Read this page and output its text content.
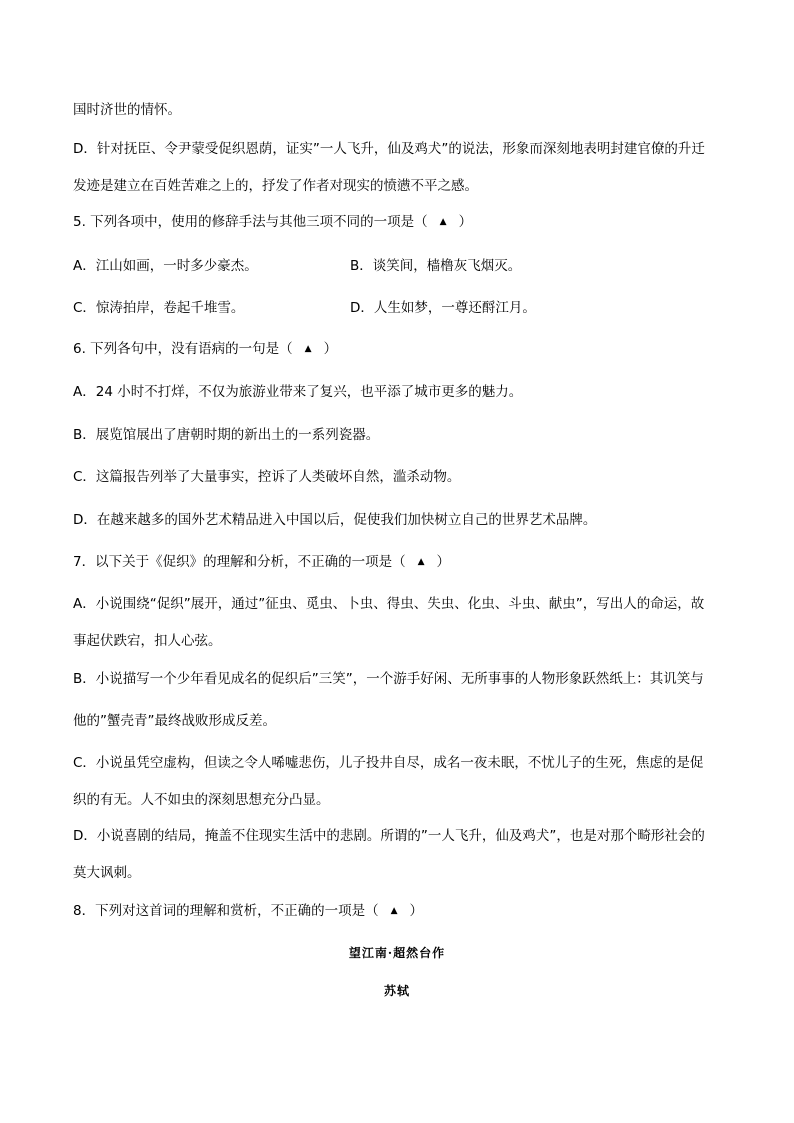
国时济世的情怀。
D．针对抚臣、令尹蒙受促织恩荫，证实”一人飞升，仙及鸡犬”的说法，形象而深刻地表明封建官僚的升迁
发迹是建立在百姓苦难之上的，抒发了作者对现实的愤懑不平之感。
5. 下列各项中，使用的修辞手法与其他三项不同的一项是（ ▲ ）
A．江山如画，一时多少豪杰。	B．谈笑间，樯橹灰飞烟灭。
C．惊涛拍岸，卷起千堆雪。	D．人生如梦，一尊还酹江月。
6. 下列各句中，没有语病的一句是（ ▲ ）
A．24 小时不打烊，不仅为旅游业带来了复兴，也平添了城市更多的魅力。
B．展览馆展出了唐朝时期的新出土的一系列瓷器。
C．这篇报告列举了大量事实，控诉了人类破坏自然，滥杀动物。
D．在越来越多的国外艺术精品进入中国以后，促使我们加快树立自己的世界艺术品牌。
7．以下关于《促织》的理解和分析，不正确的一项是（ ▲ ）
A．小说围绕“促织”展开，通过”征虫、觅虫、卜虫、得虫、失虫、化虫、斗虫、献虫”，写出人的命运，故
事起伏跌宕，扣人心弦。
B．小说描写一个少年看见成名的促织后”三笑”，一个游手好闲、无所事事的人物形象跃然纸上：其讥笑与
他的”蟹壳青”最终战败形成反差。
C．小说虽凭空虚构，但读之令人唏嘘悲伤，儿子投井自尽，成名一夜未眠，不忧儿子的生死，焦虑的是促
织的有无。人不如虫的深刻思想充分凸显。
D．小说喜剧的结局，掩盖不住现实生活中的悲剧。所谓的”一人飞升，仙及鸡犬”，也是对那个畸形社会的
莫大讽刺。
8．下列对这首词的理解和赏析，不正确的一项是（ ▲ ）
望江南·超然台作
苏轼
